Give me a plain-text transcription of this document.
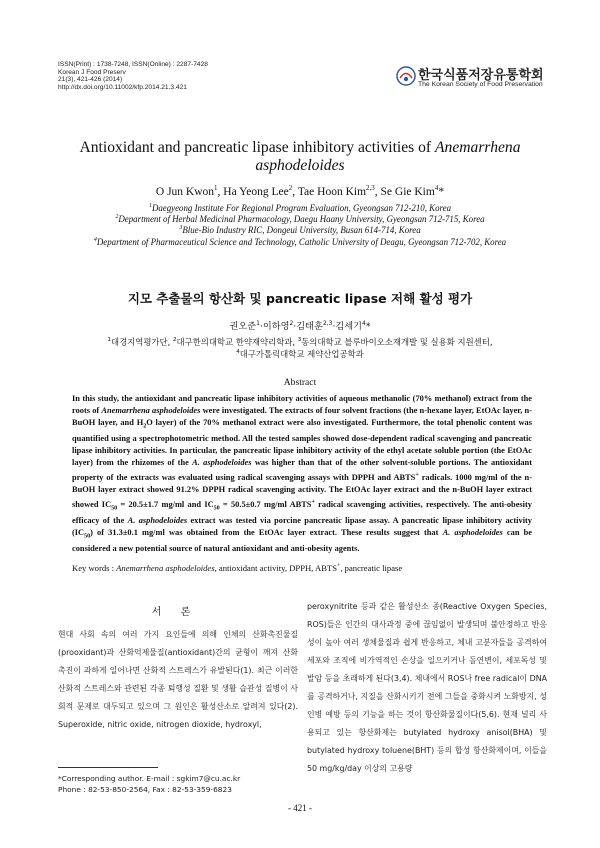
ISSN(Print) : 1738-7248, ISSN(Online) : 2287-7428
Korean J Food Preserv
21(3), 421-426 (2014)
http://dx.doi.org/10.11002/kfp.2014.21.3.421
한국식품저장유통학회
The Korean Society of Food Preservation
Antioxidant and pancreatic lipase inhibitory activities of Anemarrhena asphodeloides
O Jun Kwon$^1$, Ha Yeong Lee$^2$, Tae Hoon Kim$^{2,3}$, Se Gie Kim$^4$*
$^1$Daegyeong Institute For Regional Program Evaluation, Gyeongsan 712-210, Korea
$^2$Department of Herbal Medicinal Pharmacology, Daegu Haany University, Gyeongsan 712-715, Korea
$^3$Blue-Bio Industry RIC, Dongeui University, Busan 614-714, Korea
$^4$Department of Pharmaceutical Science and Technology, Catholic University of Deagu, Gyeongsan 712-702, Korea
지모 추출물의 항산화 및 pancreatic lipase 저해 활성 평가
권오준$^1$·이하영$^2$·김태훈$^{2,3}$·김세기$^4$*
$^1$대경지역평가단, $^2$대구한의대학교 한약재약리학과, $^3$동의대학교 블루바이오소재개발 및 실용화 지원센터,
$^4$대구가톨릭대학교 제약산업공학과
Abstract
In this study, the antioxidant and pancreatic lipase inhibitory activities of aqueous methanolic (70% methanol) extract from the roots of Anemarrhena asphodeloides were investigated. The extracts of four solvent fractions (the n-hexane layer, EtOAc layer, n-BuOH layer, and $H_2O$ layer) of the 70% methanol extract were also investigated. Furthermore, the total phenolic content was quantified using a spectrophotometric method. All the tested samples showed dose-dependent radical scavenging and pancreatic lipase inhibitory activities. In particular, the pancreatic lipase inhibitory activity of the ethyl acetate soluble portion (the EtOAc layer) from the rhizomes of the A. asphodeloides was higher than that of the other solvent-soluble portions. The antioxidant property of the extracts was evaluated using radical scavenging assays with DPPH and ABTS+ radicals. 1000 mg/ml of the n-BuOH layer extract showed 91.2% DPPH radical scavenging activity. The EtOAc layer extract and the n-BuOH layer extract showed $IC_{50} = 20.5\pm 1.7$ mg/ml and $IC_{50} = 50.5\pm 0.7$ mg/ml ABTS+ radical scavenging activities, respectively. The anti-obesity efficacy of the A. asphodeloides extract was tested via porcine pancreatic lipase assay. A pancreatic lipase inhibitory activity $(IC_{50})$ of 31.3±0.1 mg/ml was obtained from the EtOAc layer extract. These results suggest that A. asphodeloides can be considered a new potential source of natural antioxidant and anti-obesity agents.
Key words : Anemarrhena asphodeloides, antioxidant activity, DPPH, ABTS+, pancreatic lipase
서 론
현대 사회 속의 여러 가지 요인들에 의해 인체의 산화촉진물질(prooxidant)과 산화억제물질(antioxidant)간의 균형이 깨져 산화 촉진이 과하게 일어나면 산화적 스트레스가 유발된다(1). 최근 이러한 산화적 스트레스와 관련된 각종 퇴행성 질환 및 생활 습관성 질병이 사회적 문제로 대두되고 있으며 그 원인은 활성산소로 알려져 있다(2). Superoxide, nitric oxide, nitrogen dioxide, hydroxyl,
peroxynitrite 등과 같은 활성산소 종(Reactive Oxygen Species, ROS)들은 인간의 대사과정 중에 끊임없이 발생되며 불안정하고 반응성이 높아 여러 생체물질과 쉽게 반응하고, 체내 고분자들을 공격하여 세포와 조직에 비가역적인 손상을 일으키거나 돌연변이, 세포독성 및 발암 등을 초래하게 된다(3,4). 체내에서 ROS나 free radical이 DNA를 공격하거나, 지질을 산화시키기 전에 그들을 중화시켜 노화방지, 성인병 예방 등의 기능을 하는 것이 항산화물질이다(5,6). 현재 널리 사용되고 있는 항산화제는 butylated hydroxy anisol(BHA) 및 butylated hydroxy toluene(BHT) 등의 합성 항산화제이며, 이들을 50 mg/kg/day 이상의 고용량
*Corresponding author. E-mail : sgkim7@cu.ac.kr
Phone : 82-53-850-2564, Fax : 82-53-359-6823
- 421 -
